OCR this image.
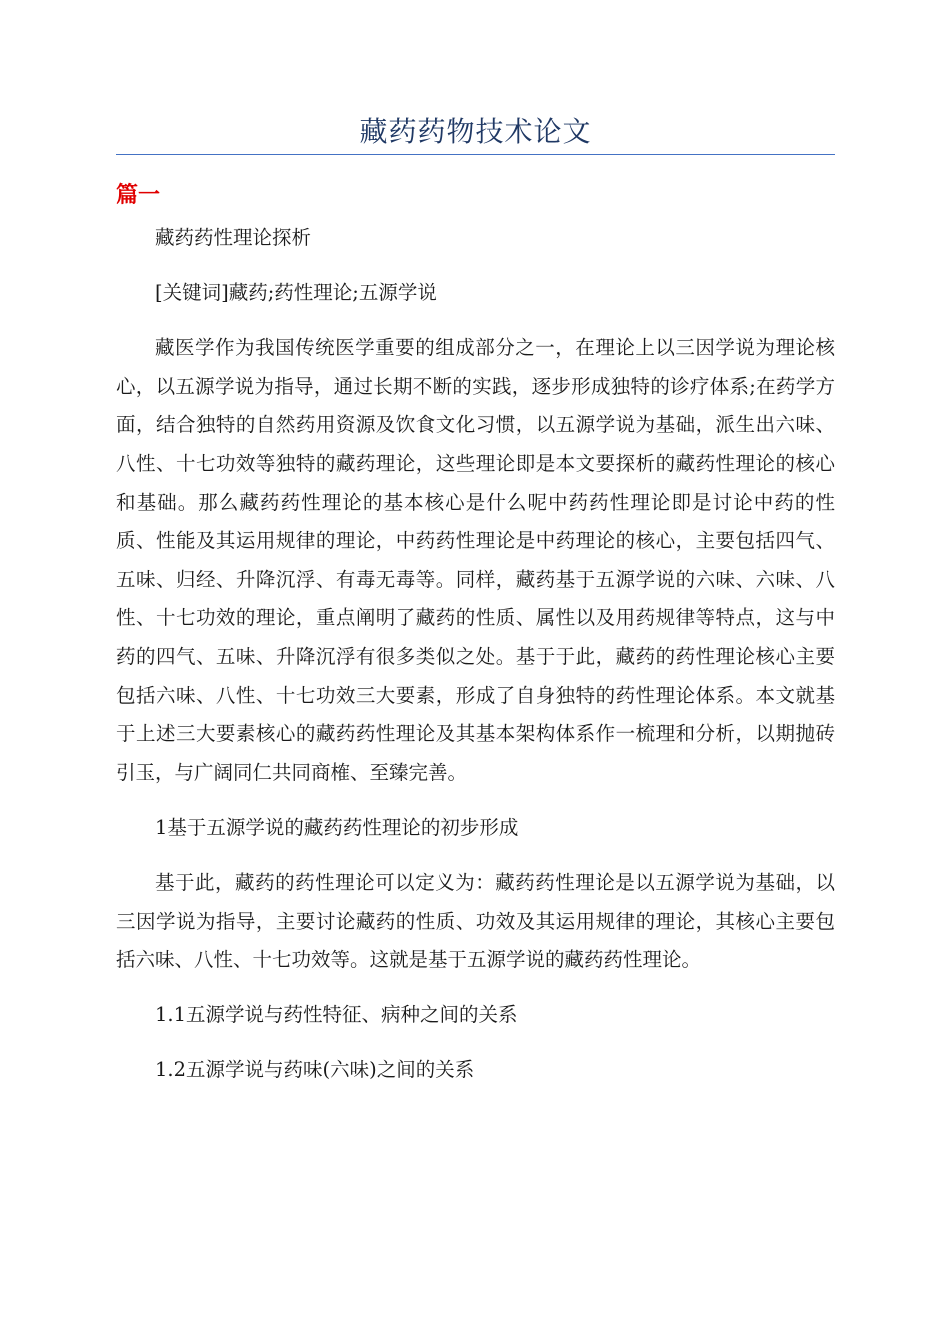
藏药药物技术论文
篇一

藏药药性理论探析

[关键词]藏药;药性理论;五源学说

藏医学作为我国传统医学重要的组成部分之一，在理论上以三因学说为理论核心，以五源学说为指导，通过长期不断的实践，逐步形成独特的诊疗体系;在药学方面，结合独特的自然药用资源及饮食文化习惯，以五源学说为基础，派生出六味、八性、十七功效等独特的藏药理论，这些理论即是本文要探析的藏药性理论的核心和基础。那么藏药药性理论的基本核心是什么呢中药药性理论即是讨论中药的性质、性能及其运用规律的理论，中药药性理论是中药理论的核心，主要包括四气、五味、归经、升降沉浮、有毒无毒等。同样，藏药基于五源学说的六味、六味、八性、十七功效的理论，重点阐明了藏药的性质、属性以及用药规律等特点，这与中药的四气、五味、升降沉浮有很多类似之处。基于于此，藏药的药性理论核心主要包括六味、八性、十七功效三大要素，形成了自身独特的药性理论体系。本文就基于上述三大要素核心的藏药药性理论及其基本架构体系作一梳理和分析，以期抛砖引玉，与广阔同仁共同商榷、至臻完善。

1基于五源学说的藏药药性理论的初步形成

基于此，藏药的药性理论可以定义为：藏药药性理论是以五源学说为基础，以三因学说为指导，主要讨论藏药的性质、功效及其运用规律的理论，其核心主要包括六味、八性、十七功效等。这就是基于五源学说的藏药药性理论。

1.1五源学说与药性特征、病种之间的关系

1.2五源学说与药味(六味)之间的关系
